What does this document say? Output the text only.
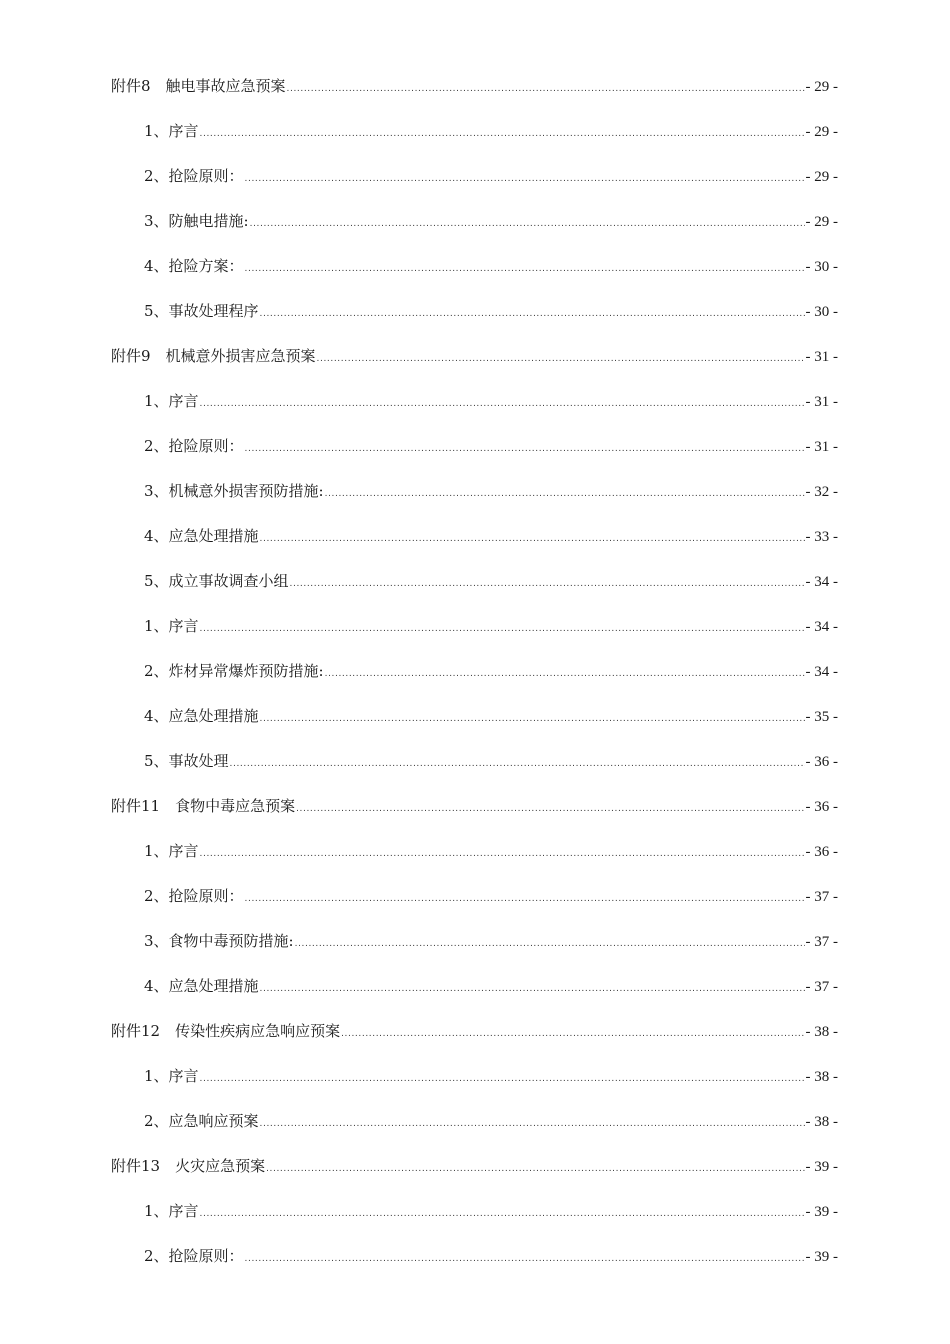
附件8　触电事故应急预案 .....	- 29 -
1、序言 .....	- 29 -
2、抢险原则： .....	- 29 -
3、防触电措施: .....	- 29 -
4、抢险方案： .....	- 30 -
5、事故处理程序 .....	- 30 -
附件9　机械意外损害应急预案 .....	- 31 -
1、序言 .....	- 31 -
2、抢险原则： .....	- 31 -
3、机械意外损害预防措施: .....	- 32 -
4、应急处理措施 .....	- 33 -
5、成立事故调查小组 .....	- 34 -
1、序言 .....	- 34 -
2、炸材异常爆炸预防措施: .....	- 34 -
4、应急处理措施 .....	- 35 -
5、事故处理 .....	- 36 -
附件11　食物中毒应急预案 .....	- 36 -
1、序言 .....	- 36 -
2、抢险原则： .....	- 37 -
3、食物中毒预防措施: .....	- 37 -
4、应急处理措施 .....	- 37 -
附件12　传染性疾病应急响应预案 .....	- 38 -
1、序言 .....	- 38 -
2、应急响应预案 .....	- 38 -
附件13　火灾应急预案 .....	- 39 -
1、序言 .....	- 39 -
2、抢险原则： .....	- 39 -
